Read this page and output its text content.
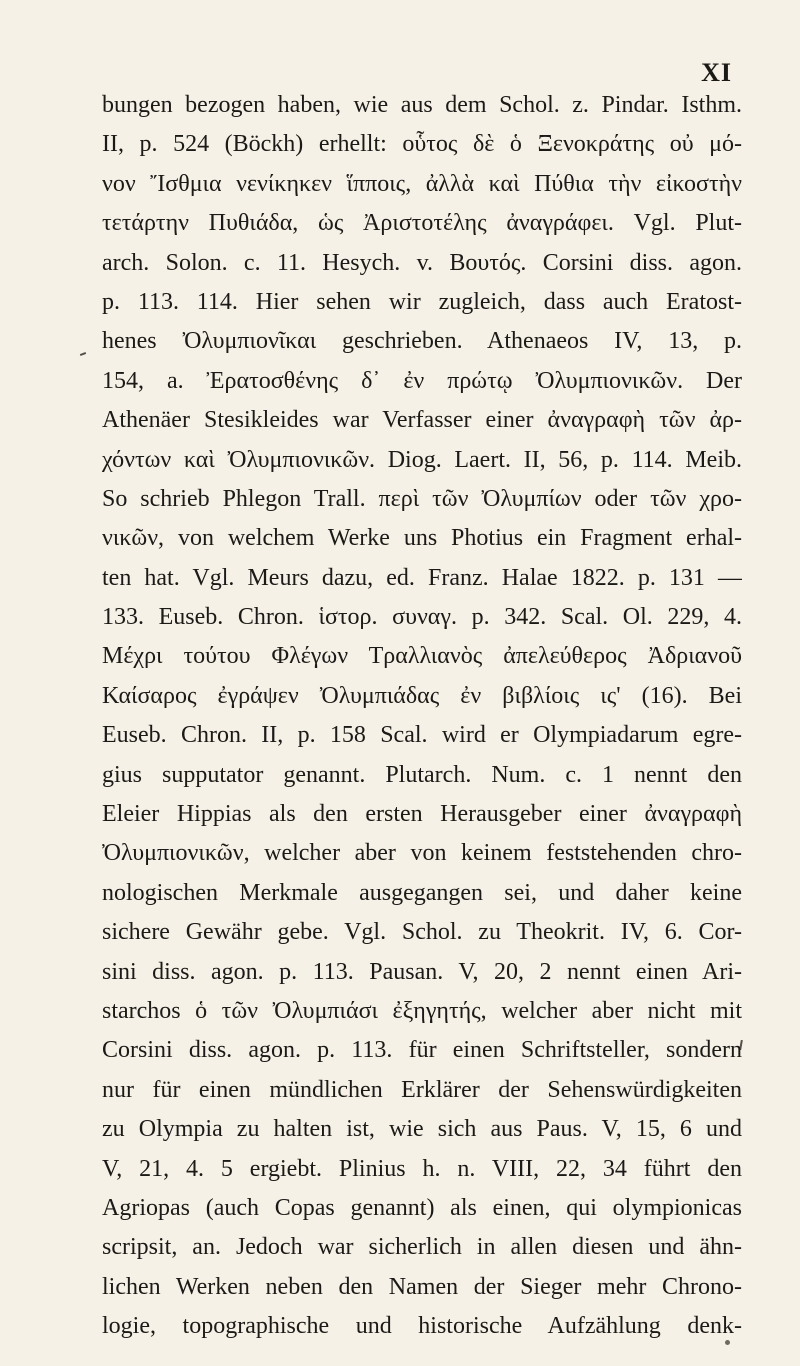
XI
bungen bezogen haben, wie aus dem Schol. z. Pindar. Isthm.
II, p. 524 (Böckh) erhellt: οὗτος δὲ ὁ Ξενοκράτης οὐ μό-
νον Ἴσθμια νενίκηκεν ἵπποις, ἀλλὰ καὶ Πύθια τὴν εἰκοστὴν
τετάρτην Πυθιάδα, ὡς Ἀριστοτέλης ἀναγράφει. Vgl. Plut-
arch. Solon. c. 11. Hesych. v. Βουτός. Corsini diss. agon.
p. 113. 114. Hier sehen wir zugleich, dass auch Eratost-
henes Ὀλυμπιονῖκαι geschrieben. Athenaeos IV, 13, p.
154, a. Ἐρατοσθένης δ᾽ ἐν πρώτῳ Ὀλυμπιονικῶν. Der
Athenäer Stesikleides war Verfasser einer ἀναγραφὴ τῶν ἀρ-
χόντων καὶ Ὀλυμπιονικῶν. Diog. Laert. II, 56, p. 114. Meib.
So schrieb Phlegon Trall. περὶ τῶν Ὀλυμπίων oder τῶν χρο-
νικῶν, von welchem Werke uns Photius ein Fragment erhal-
ten hat. Vgl. Meurs dazu, ed. Franz. Halae 1822. p. 131 —
133. Euseb. Chron. ἱστορ. συναγ. p. 342. Scal. Ol. 229, 4.
Μέχρι τούτου Φλέγων Τραλλιανὸς ἀπελεύθερος Ἀδριανοῦ
Καίσαρος ἐγράψεν Ὀλυμπιάδας ἐν βιβλίοις ις' (16). Bei
Euseb. Chron. II, p. 158 Scal. wird er Olympiadarum egre-
gius supputator genannt. Plutarch. Num. c. 1 nennt den
Eleier Hippias als den ersten Herausgeber einer ἀναγραφὴ
Ὀλυμπιονικῶν, welcher aber von keinem feststehenden chro-
nologischen Merkmale ausgegangen sei, und daher keine
sichere Gewähr gebe. Vgl. Schol. zu Theokrit. IV, 6. Cor-
sini diss. agon. p. 113. Pausan. V, 20, 2 nennt einen Ari-
starchos ὁ τῶν Ὀλυμπιάσι ἐξηγητής, welcher aber nicht mit
Corsini diss. agon. p. 113. für einen Schriftsteller, sondern
nur für einen mündlichen Erklärer der Sehenswürdigkeiten
zu Olympia zu halten ist, wie sich aus Paus. V, 15, 6 und
V, 21, 4. 5 ergiebt. Plinius h. n. VIII, 22, 34 führt den
Agriopas (auch Copas genannt) als einen, qui olympionicas
scripsit, an. Jedoch war sicherlich in allen diesen und ähn-
lichen Werken neben den Namen der Sieger mehr Chrono-
logie, topographische und historische Aufzählung denk-
